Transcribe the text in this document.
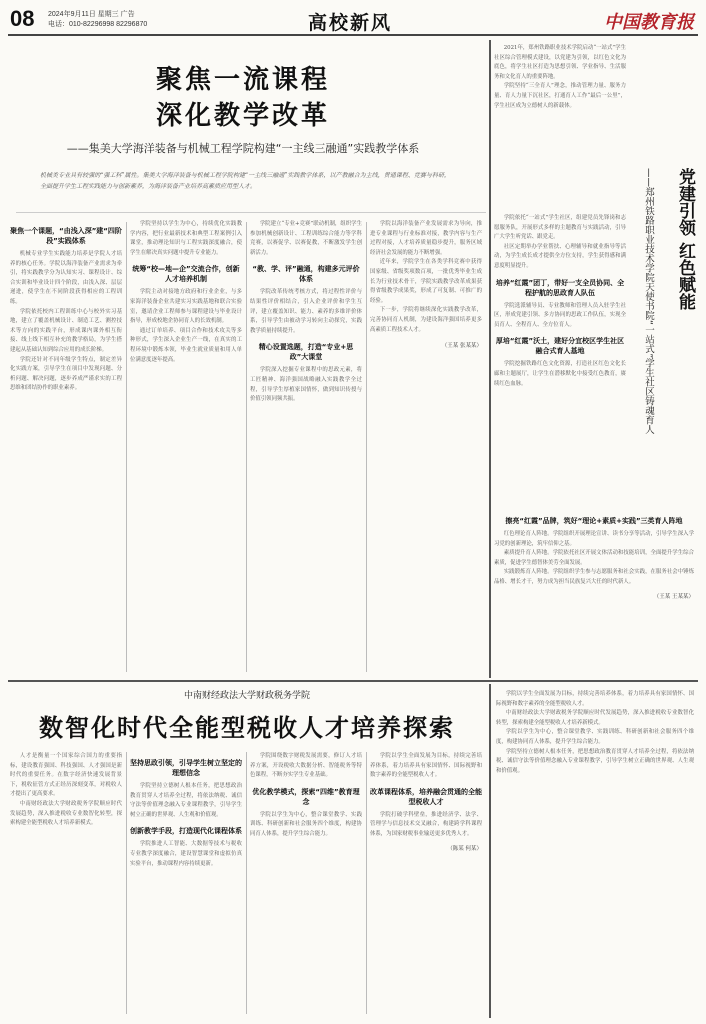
08 2024年9月11日 星期三 广告
电话：010-82296998 82296870	高校新风	中国教育报
聚焦一流课程
深化教学改革
——集美大学海洋装备与机械工程学院构建“一主线三融通”实践教学体系
机械类专业具有较强的“强工科”属性。集美大学海洋装备与机械工程学院构建“一主线三融通”实践教学体系，以产教融合为主线，贯通课程、竞赛与科研，全面提升学生工程实践能力与创新素养，为海洋装备产业培养高素质应用型人才。
聚焦一个课题，“由浅入深”建“四阶段”实践体系

机械专业学生实践能力培养是学院人才培养的核心任务。学院以海洋装备产业需求为牵引，将实践教学分为认知实习、课程设计、综合实训和毕业设计四个阶段，由浅入深、层层递进，使学生在不同阶段获得相应的工程训练。

学院依托校内工程训练中心与校外实习基地，建立了覆盖机械设计、制造工艺、测控技术等方向的实践平台，形成课内课外相互衔接、线上线下相互补充的教学格局，为学生搭建起从基础认知到综合应用的成长阶梯。

学院还针对不同年级学生特点，制定差异化实践方案，引导学生在项目中发现问题、分析问题、解决问题，逐步养成严谨求实的工程思维和团结协作的职业素养。

学院坚持以学生为中心，持续优化实践教学内容，把行业最新技术和典型工程案例引入课堂，推动理论知识与工程实践深度融合，使学生在解决真实问题中提升专业能力。

统筹“校—地—企”交流合作，创新人才培养机制

学院主动对接地方政府和行业企业，与多家海洋装备企业共建实习实践基地和联合实验室，邀请企业工程师参与课程建设与毕业设计指导，形成校地企协同育人的长效机制。

通过订单培养、项目合作和技术攻关等多种形式，学生深入企业生产一线，在真实的工程环境中锻炼本领，毕业生就业质量和用人单位满意度逐年提高。

学院建立“专业+竞赛”联动机制，组织学生参加机械创新设计、工程训练综合能力等学科竞赛，以赛促学、以赛促教，不断激发学生创新活力。

“教、学、评”融通，构建多元评价体系

学院改革传统考核方式，将过程性评价与结果性评价相结合，引入企业评价和学生互评，建立覆盖知识、能力、素养的多维评价体系，引导学生由被动学习转向主动探究，实践教学质量持续提升。

精心设置选题，打造“专业+思政”大课堂

学院深入挖掘专业课程中的思政元素，将工匠精神、海洋强国战略融入实践教学全过程，引导学生厚植家国情怀，做到知识传授与价值引领同频共振。

学院以海洋装备产业发展需求为导向，推进专业课程与行业标准对接，教学内容与生产过程对接，人才培养质量稳步提升，服务区域经济社会发展的能力不断增强。

近年来，学院学生在各类学科竞赛中获得国家级、省级奖项数百项，一批优秀毕业生成长为行业技术骨干，学院实践教学改革成果获得省级教学成果奖，形成了可复制、可推广的经验。

下一步，学院将继续深化实践教学改革，完善协同育人机制，为建设海洋强国培养更多高素质工程技术人才。

（王某 张某某）

2021年，郑州铁路职业技术学院启动“一站式”学生社区综合管理模式建设，以党建为引领，以红色文化为底色，将学生社区打造为思想引领、学业指导、生活服务和文化育人的重要阵地。

学院坚持“三全育人”理念，推动管理力量、服务力量、育人力量下沉社区，打通育人工作“最后一公里”，学生社区成为立德树人的新载体。

——郑州铁路职业技术学院天使书院“一站式”学生社区铸魂育人	党建引领 红色赋能

学院依托“一站式”学生社区，组建党员先锋岗和志愿服务队，开展形式多样的主题教育与实践活动，引导广大学生听党话、跟党走。

社区定期举办学业帮扶、心理辅导和就业指导等活动，为学生成长成才提供全方位支持，学生获得感和满意度明显提升。

培养“红霞”团丁，带好一支全员协同、全程护航的思政育人队伍

学院选派辅导员、专业教师和管理人员入驻学生社区，形成党建引领、多方协同的思政工作队伍，实现全员育人、全程育人、全方位育人。

厚培“红霞”沃土，建好分宜校区学生社区融合式育人基地

学院挖掘铁路红色文化资源，打造社区红色文化长廊和主题展厅，让学生在潜移默化中接受红色教育，赓续红色血脉。

擦亮“红霞”品牌，筑好“理论+素质+实践”三类育人阵地

红色理论育人阵地。学院组织开展理论宣讲、读书分享等活动，引导学生深入学习党的创新理论，筑牢信仰之基。

素质提升育人阵地。学院依托社区开展文体活动和技能培训，全面提升学生综合素质，促进学生德智体美劳全面发展。

实践锻炼育人阵地。学院组织学生参与志愿服务和社会实践，在服务社会中锤炼品格、增长才干，努力成为担当民族复兴大任的时代新人。

（王某 王某某）
中南财经政法大学财政税务学院
数智化时代全能型税收人才培养探索

人才是衡量一个国家综合国力的重要指标，建设教育强国、科技强国、人才强国是新时代的重要任务。在数字经济快速发展背景下，税收征管方式正经历深刻变革，对税收人才提出了更高要求。

中南财经政法大学财政税务学院顺应时代发展趋势，深入推进税收专业数智化转型，探索构建全能型税收人才培养新模式。

坚持思政引领，引导学生树立坚定的理想信念

学院坚持立德树人根本任务，把思想政治教育贯穿人才培养全过程，将依法纳税、诚信守法等价值理念融入专业课程教学，引导学生树立正确的世界观、人生观和价值观。

创新教学手段，打造现代化课程体系

学院推进人工智能、大数据等技术与税收专业教学深度融合，建设智慧课堂和虚拟仿真实验平台，推动课程内容持续更新。

学院围绕数字财税发展需要，修订人才培养方案，开设税收大数据分析、智能税务等特色课程，不断夯实学生专业基础。

优化教学模式，探索“四维”教育理念

学院以学生为中心，整合课堂教学、实践训练、科研创新和社会服务四个维度，构建协同育人体系，提升学生综合能力。

学院以学生全面发展为目标，持续完善培养体系，着力培养具有家国情怀、国际视野和数字素养的全能型税收人才。

改革课程体系，培养融会贯通的全能型税收人才

学院打破学科壁垒，推进经济学、法学、管理学与信息技术交叉融合，构建跨学科课程体系，为国家财税事业输送更多优秀人才。

（陈某 何某）

学院以学生全面发展为目标，持续完善培养体系，着力培养具有家国情怀、国际视野和数字素养的全能型税收人才。

中南财经政法大学财政税务学院顺应时代发展趋势，深入推进税收专业数智化转型，探索构建全能型税收人才培养新模式。

学院以学生为中心，整合课堂教学、实践训练、科研创新和社会服务四个维度，构建协同育人体系，提升学生综合能力。

学院坚持立德树人根本任务，把思想政治教育贯穿人才培养全过程，将依法纳税、诚信守法等价值理念融入专业课程教学，引导学生树立正确的世界观、人生观和价值观。
